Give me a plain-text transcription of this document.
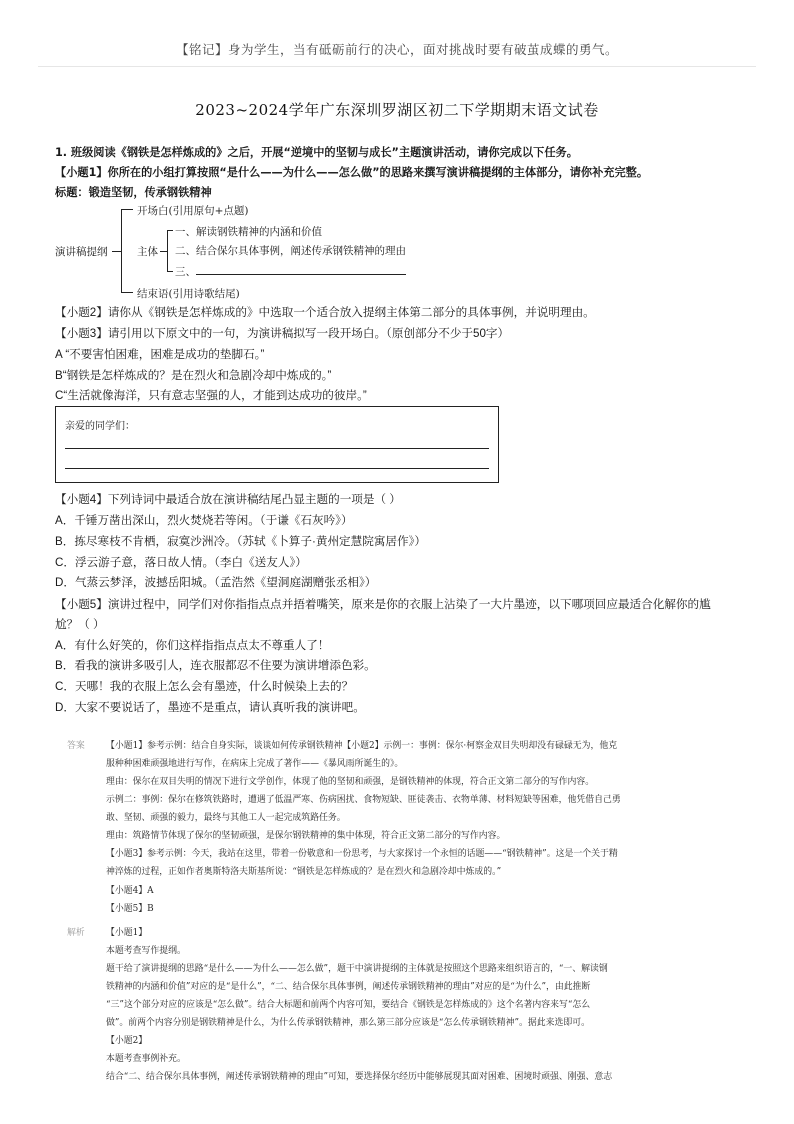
【铭记】身为学生，当有砥砺前行的决心，面对挑战时要有破茧成蝶的勇气。
2023~2024学年广东深圳罗湖区初二下学期期末语文试卷
1. 班级阅读《钢铁是怎样炼成的》之后，开展“逆境中的坚韧与成长”主题演讲活动，请你完成以下任务。
【小题1】你所在的小组打算按照“是什么——为什么——怎么做”的思路来撰写演讲稿提纲的主体部分，请你补充完整。
标题：锻造坚韧，传承钢铁精神
演讲稿提纲
开场白(引用原句+点题)
主体
一、解读钢铁精神的内涵和价值
二、结合保尔具体事例，阐述传承钢铁精神的理由
三、
结束语(引用诗歌结尾)
【小题2】请你从《钢铁是怎样炼成的》中选取一个适合放入提纲主体第二部分的具体事例，并说明理由。
【小题3】请引用以下原文中的一句，为演讲稿拟写一段开场白。（原创部分不少于50字）
A “不要害怕困难，困难是成功的垫脚石。”
B“钢铁是怎样炼成的？是在烈火和急剧冷却中炼成的。”
C“生活就像海洋，只有意志坚强的人，才能到达成功的彼岸。”
亲爱的同学们：
【小题4】下列诗词中最适合放在演讲稿结尾凸显主题的一项是（ ）
A．千锤万凿出深山，烈火焚烧若等闲。（于谦《石灰吟》）
B．拣尽寒枝不肯栖，寂寞沙洲冷。（苏轼《卜算子·黄州定慧院寓居作》）
C．浮云游子意，落日故人情。（李白《送友人》）
D．气蒸云梦泽，波撼岳阳城。（孟浩然《望洞庭湖赠张丞相》）
【小题5】演讲过程中，同学们对你指指点点并捂着嘴笑，原来是你的衣服上沾染了一大片墨迹，以下哪项回应最适合化解你的尴
尬？（ ）
A．有什么好笑的，你们这样指指点点太不尊重人了！
B．看我的演讲多吸引人，连衣服都忍不住要为演讲增添色彩。
C．天哪！我的衣服上怎么会有墨迹，什么时候染上去的？
D．大家不要说话了，墨迹不是重点，请认真听我的演讲吧。
答案 【小题1】参考示例：结合自身实际，谈谈如何传承钢铁精神【小题2】示例一：事例：保尔·柯察金双目失明却没有碌碌无为，他克
服种种困难顽强地进行写作，在病床上完成了著作——《暴风雨所诞生的》。
理由：保尔在双目失明的情况下进行文学创作，体现了他的坚韧和顽强，是钢铁精神的体现，符合正文第二部分的写作内容。
示例二：事例：保尔在修筑铁路时，遭遇了低温严寒、伤病困扰、食物短缺、匪徒袭击、衣物单薄、材料短缺等困难，他凭借自己勇
敢、坚韧、顽强的毅力，最终与其他工人一起完成筑路任务。
理由：筑路情节体现了保尔的坚韧顽强，是保尔钢铁精神的集中体现，符合正文第二部分的写作内容。
【小题3】参考示例：今天，我站在这里，带着一份敬意和一份思考，与大家探讨一个永恒的话题——“钢铁精神”。这是一个关于精
神淬炼的过程，正如作者奥斯特洛夫斯基所说：“钢铁是怎样炼成的？是在烈火和急剧冷却中炼成的。”
【小题4】A
【小题5】B
解析 【小题1】
本题考查写作提纲。
题干给了演讲提纲的思路“是什么——为什么——怎么做”，题干中演讲提纲的主体就是按照这个思路来组织语言的，“一、解读钢
铁精神的内涵和价值”对应的是“是什么”，“二、结合保尔具体事例，阐述传承钢铁精神的理由”对应的是“为什么”，由此推断
“三”这个部分对应的应该是“怎么做”。结合大标题和前两个内容可知，要结合《钢铁是怎样炼成的》这个名著内容来写“怎么
做”。前两个内容分别是钢铁精神是什么，为什么传承钢铁精神，那么第三部分应该是“怎么传承钢铁精神”。据此来选即可。
【小题2】
本题考查事例补充。
结合“二、结合保尔具体事例，阐述传承钢铁精神的理由”可知，要选择保尔经历中能够展现其面对困难、困境时顽强、刚强、意志
